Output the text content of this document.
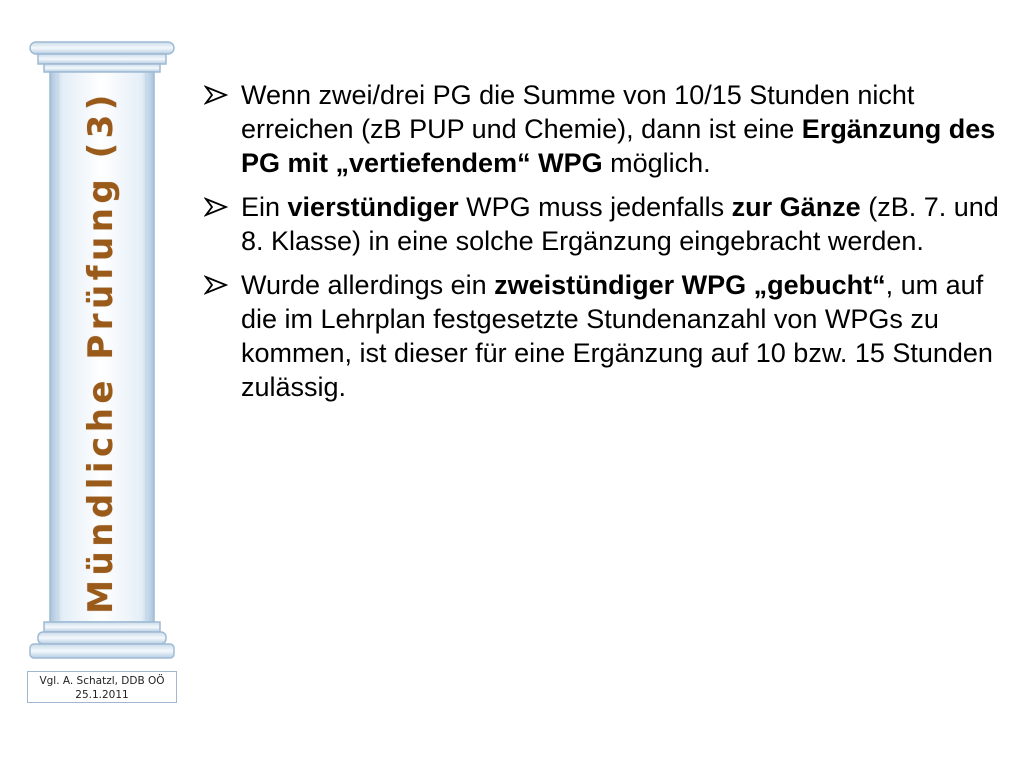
Mündliche Prüfung (3)
Vgl. A. Schatzl, DDB OÖ
25.1.2011
Wenn zwei/drei PG die Summe von 10/15 Stunden nicht erreichen (zB PUP und Chemie), dann ist eine Ergänzung des PG mit „vertiefendem“ WPG möglich.
Ein vierstündiger WPG muss jedenfalls zur Gänze (zB. 7. und 8. Klasse) in eine solche Ergänzung eingebracht werden.
Wurde allerdings ein zweistündiger WPG „gebucht“, um auf die im Lehrplan festgesetzte Stundenanzahl von WPGs zu kommen, ist dieser für eine Ergänzung auf 10 bzw. 15 Stunden zulässig.
